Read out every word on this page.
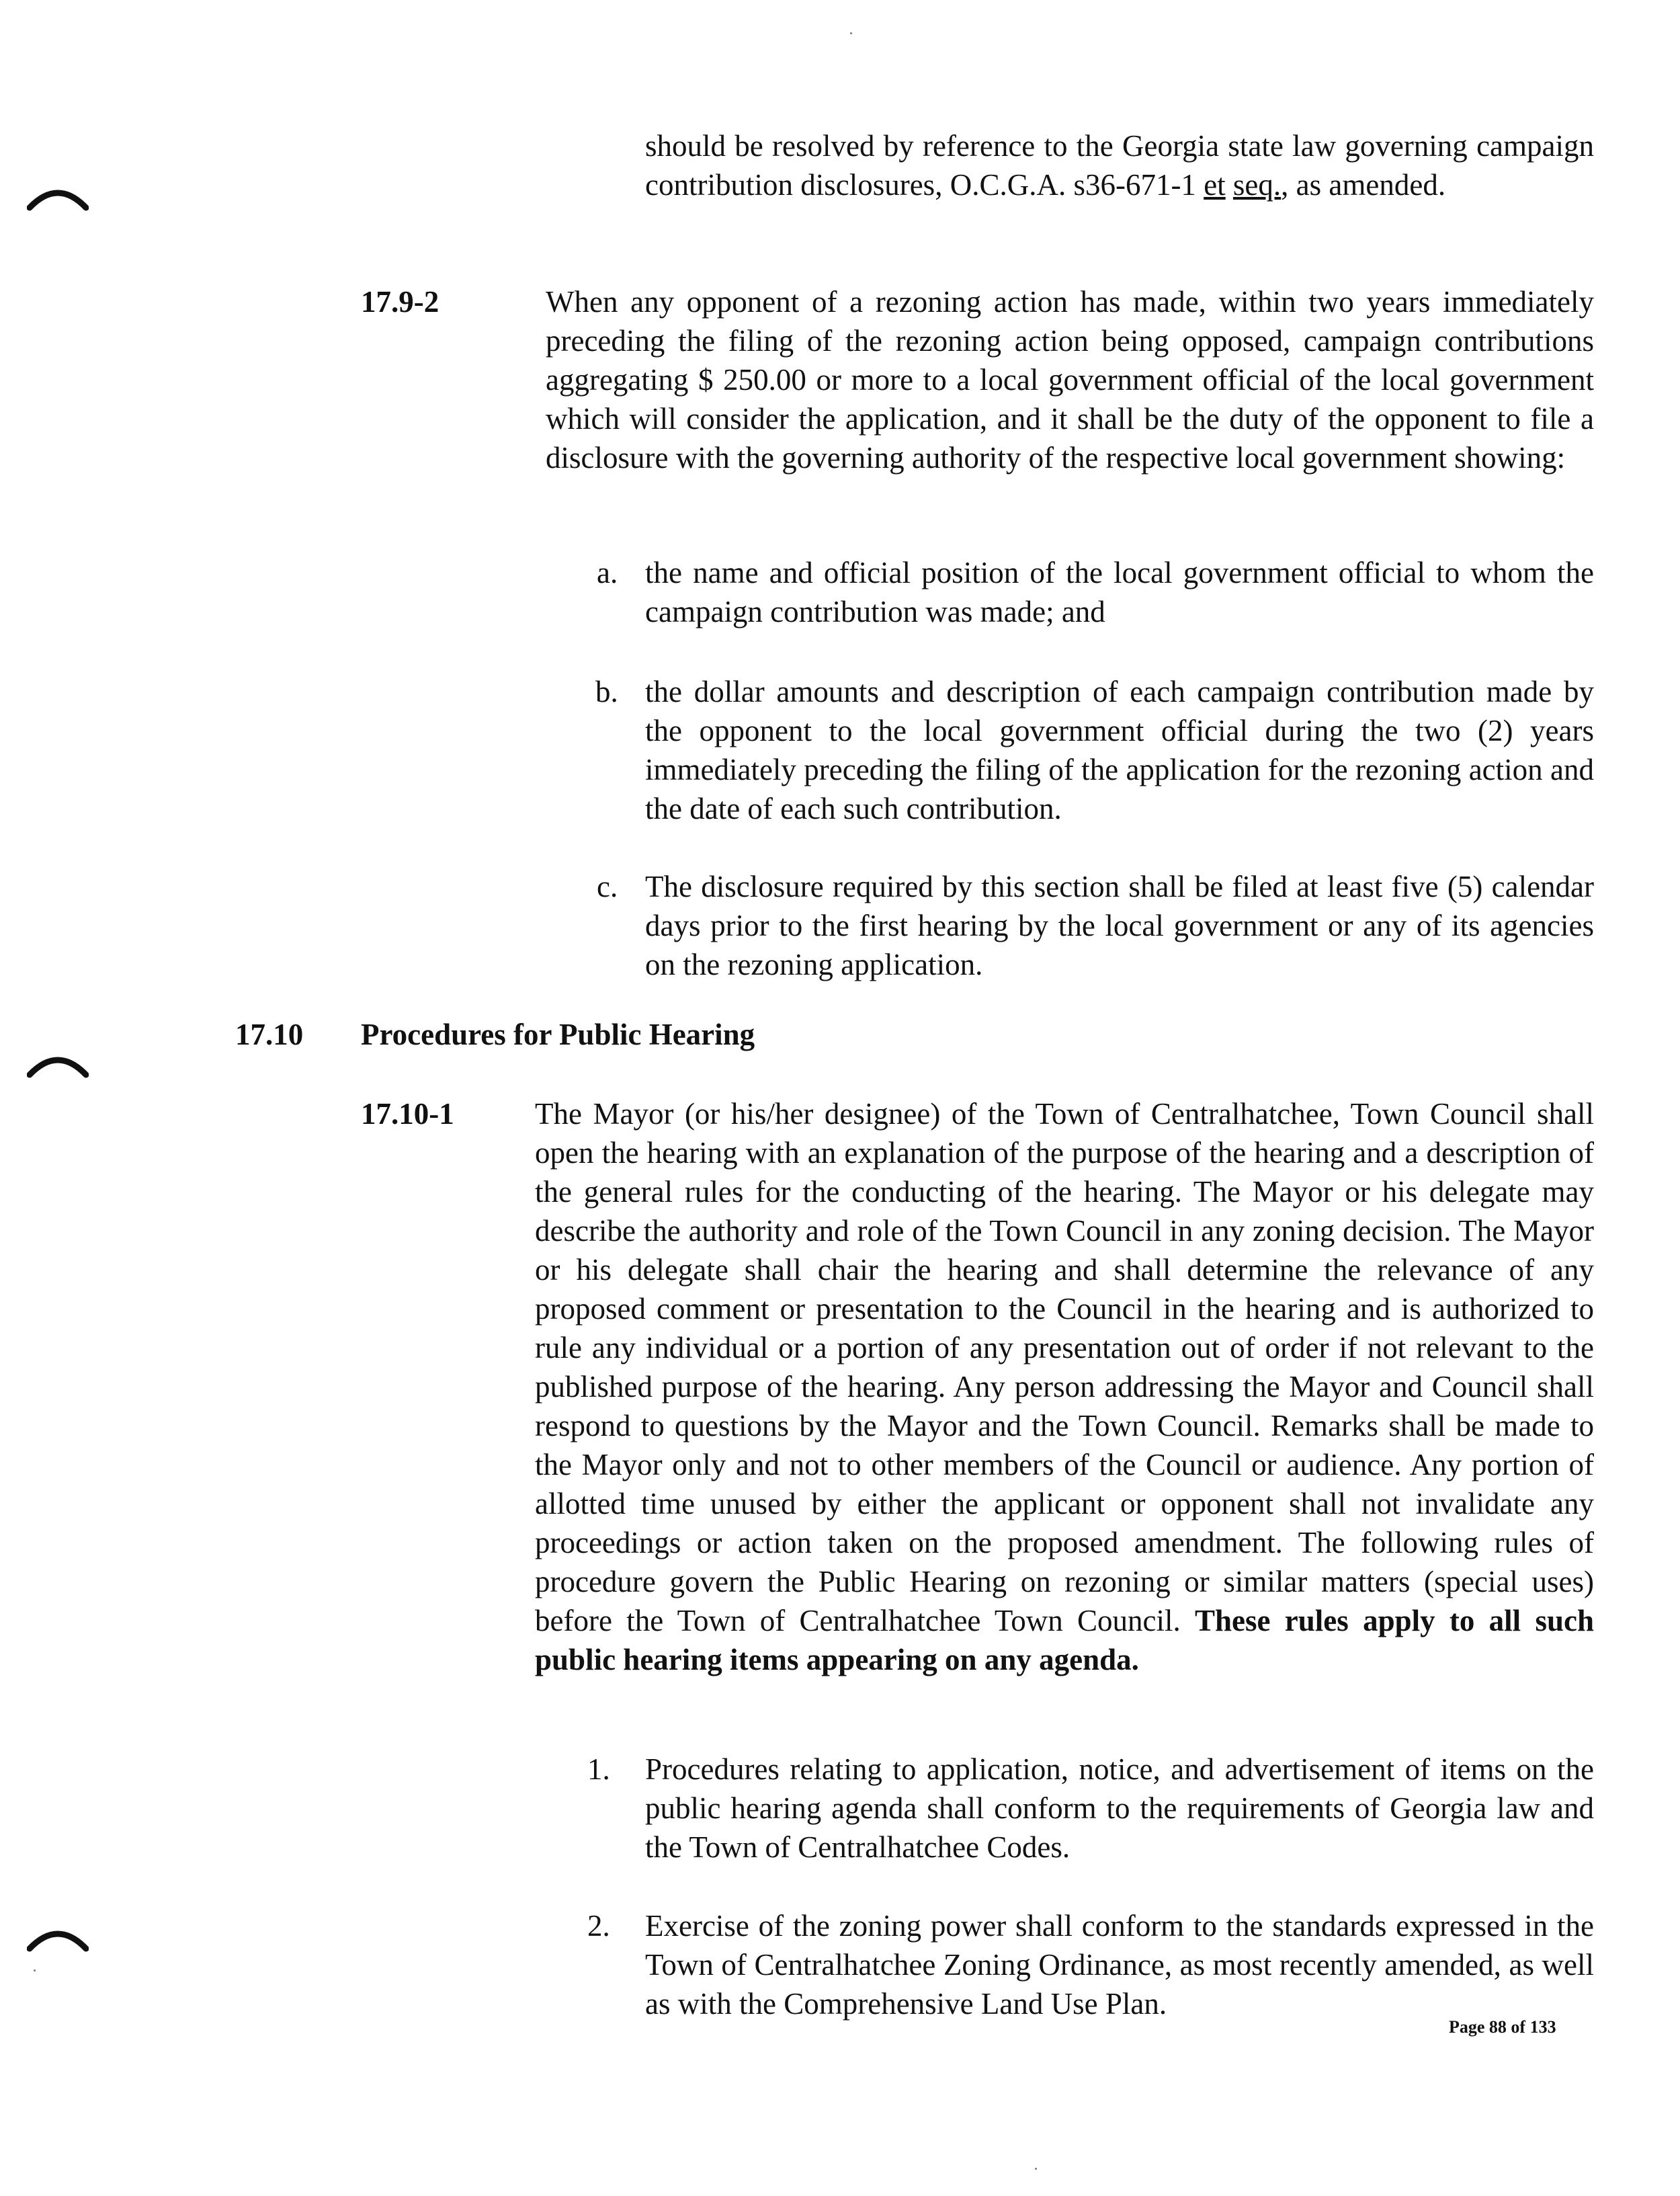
should be resolved by reference to the Georgia state law governing campaign contribution disclosures, O.C.G.A. s36-671-1 et seq., as amended.

17.9-2	When any opponent of a rezoning action has made, within two years immediately preceding the filing of the rezoning action being opposed, campaign contributions aggregating $ 250.00 or more to a local government official of the local government which will consider the application, and it shall be the duty of the opponent to file a disclosure with the governing authority of the respective local government showing:

a. the name and official position of the local government official to whom the campaign contribution was made; and

b. the dollar amounts and description of each campaign contribution made by the opponent to the local government official during the two (2) years immediately preceding the filing of the application for the rezoning action and the date of each such contribution.

c. The disclosure required by this section shall be filed at least five (5) calendar days prior to the first hearing by the local government or any of its agencies on the rezoning application.

17.10 Procedures for Public Hearing
17.10-1	The Mayor (or his/her designee) of the Town of Centralhatchee, Town Council shall open the hearing with an explanation of the purpose of the hearing and a description of the general rules for the conducting of the hearing. The Mayor or his delegate may describe the authority and role of the Town Council in any zoning decision. The Mayor or his delegate shall chair the hearing and shall determine the relevance of any proposed comment or presentation to the Council in the hearing and is authorized to rule any individual or a portion of any presentation out of order if not relevant to the published purpose of the hearing. Any person addressing the Mayor and Council shall respond to questions by the Mayor and the Town Council. Remarks shall be made to the Mayor only and not to other members of the Council or audience. Any portion of allotted time unused by either the applicant or opponent shall not invalidate any proceedings or action taken on the proposed amendment. The following rules of procedure govern the Public Hearing on rezoning or similar matters (special uses) before the Town of Centralhatchee Town Council. These rules apply to all such public hearing items appearing on any agenda.

1. Procedures relating to application, notice, and advertisement of items on the public hearing agenda shall conform to the requirements of Georgia law and the Town of Centralhatchee Codes.

2. Exercise of the zoning power shall conform to the standards expressed in the Town of Centralhatchee Zoning Ordinance, as most recently amended, as well as with the Comprehensive Land Use Plan.

Page 88 of 133
